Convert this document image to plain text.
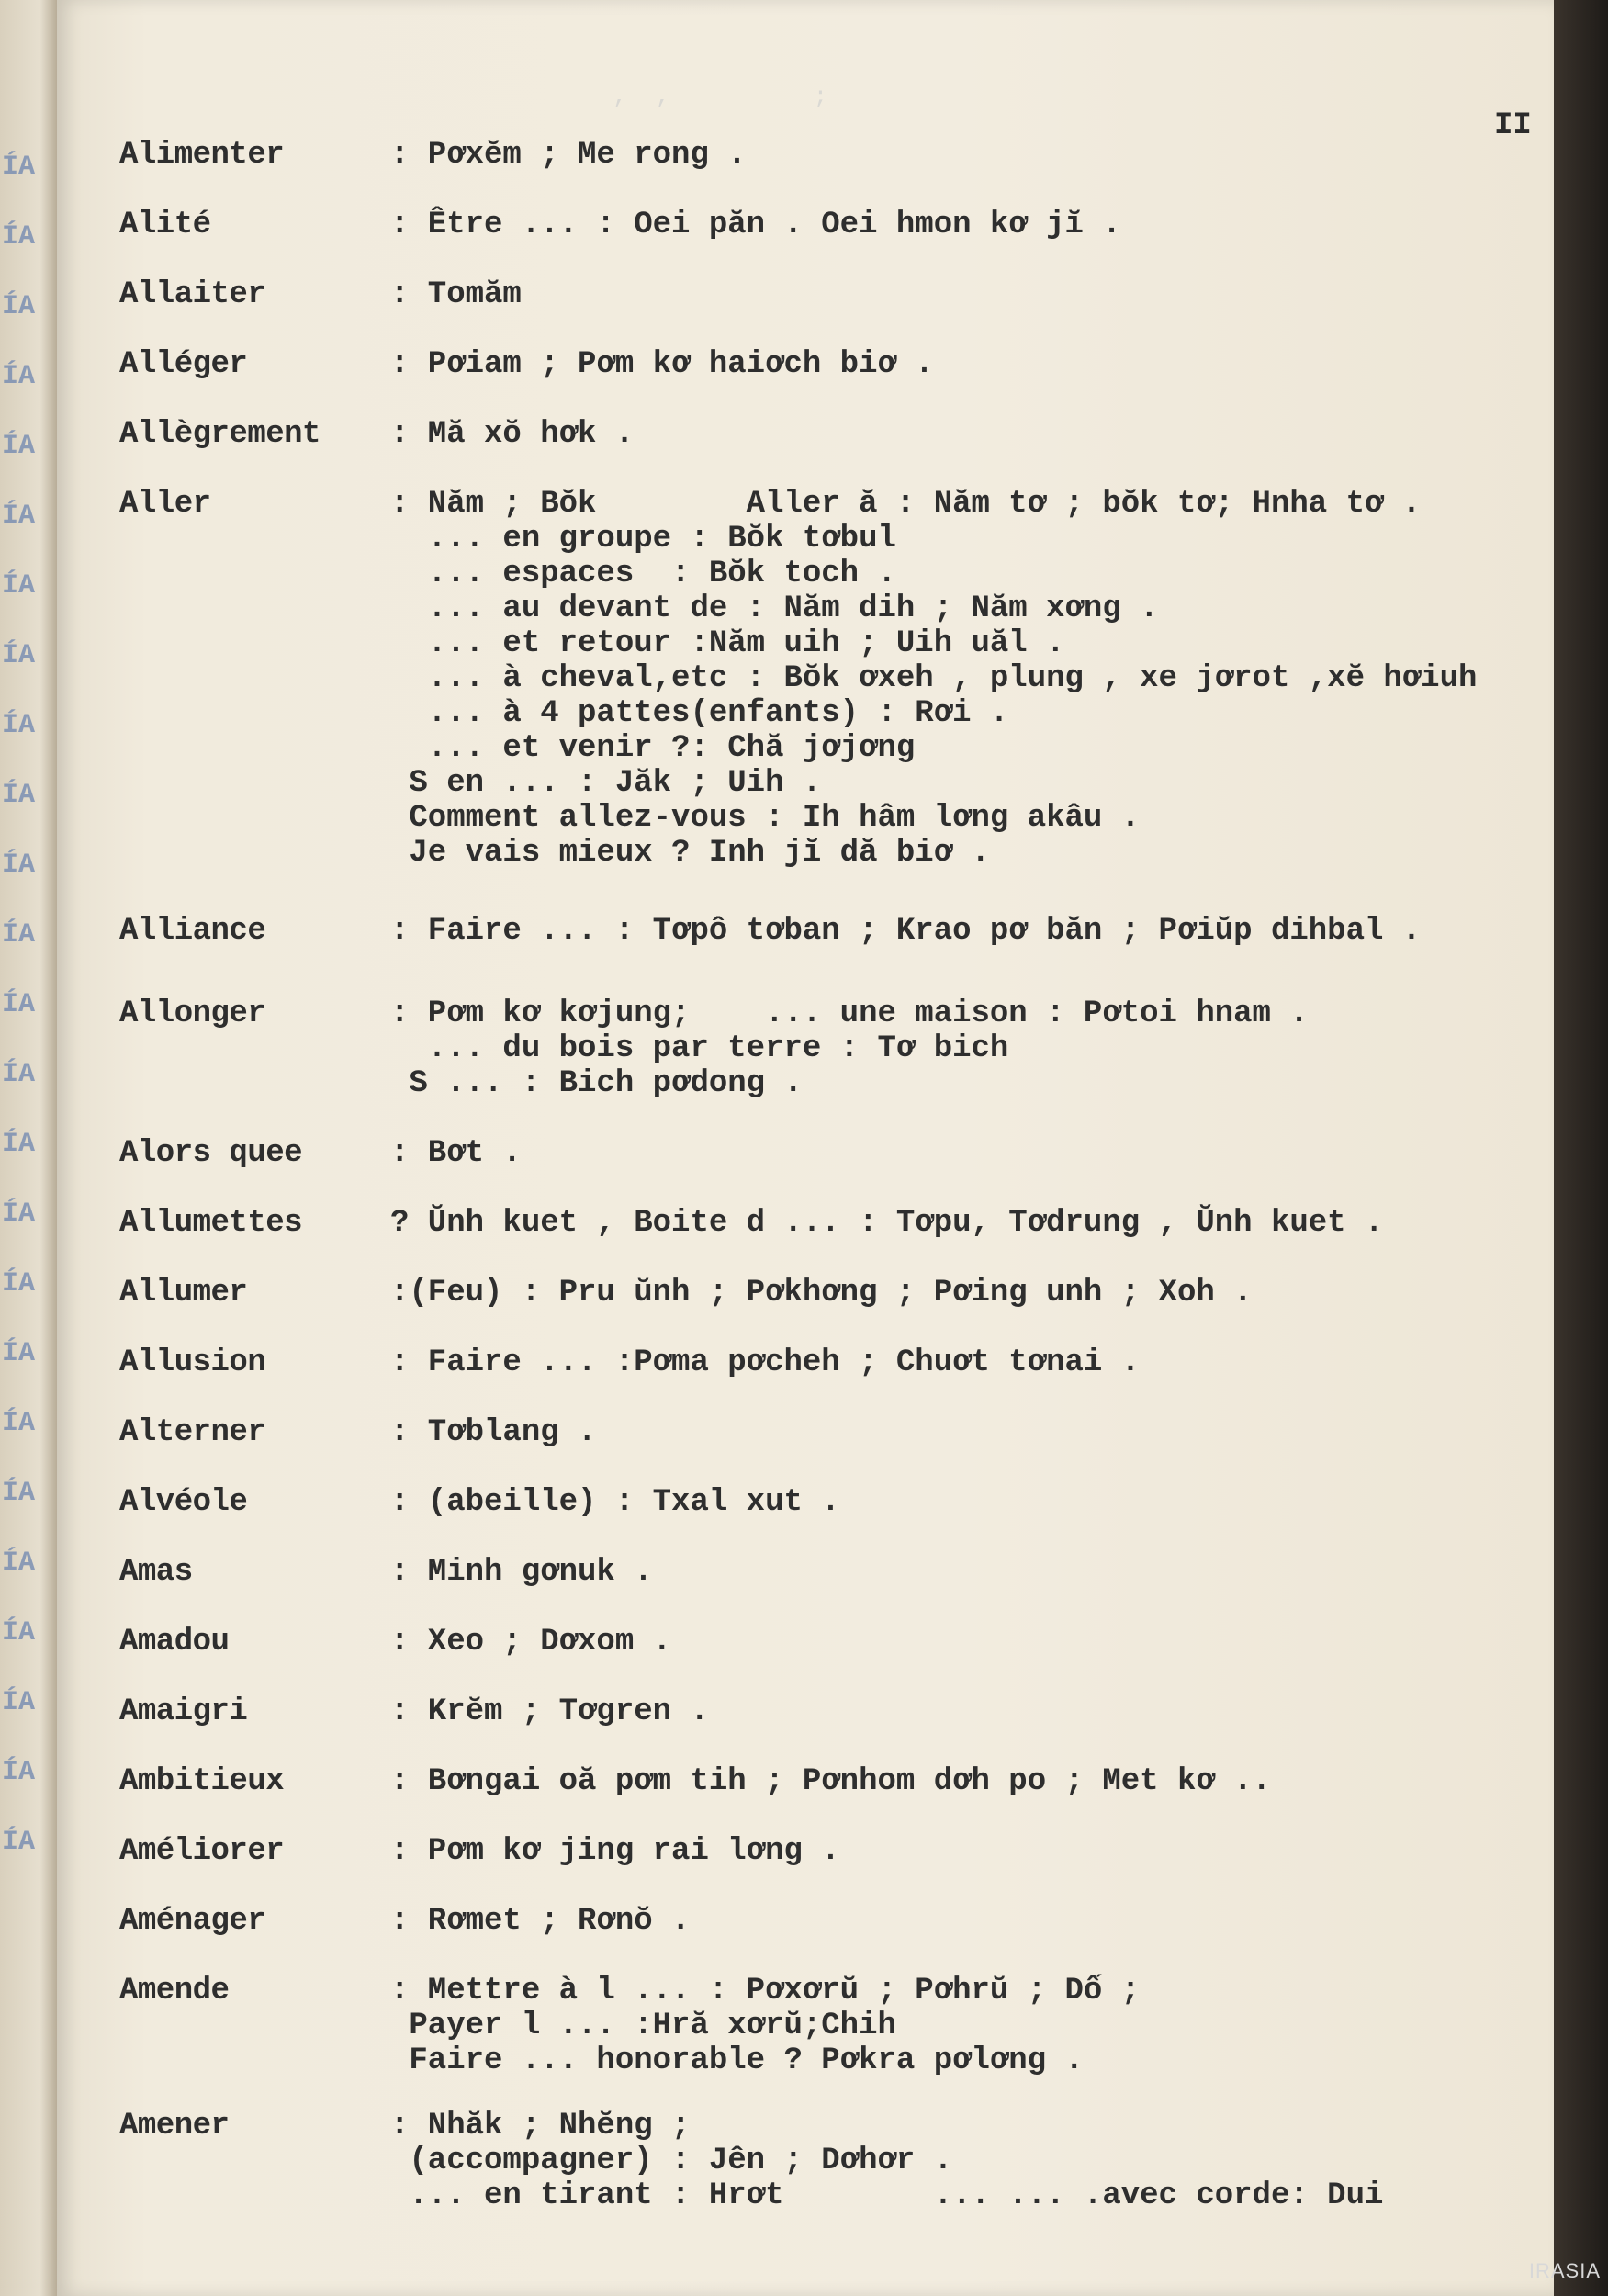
ÍA
ÍA
ÍA
ÍA
ÍA
ÍA
ÍA
ÍA
ÍA
ÍA
ÍA
ÍA
ÍA
ÍA
ÍA
ÍA
ÍA
ÍA
ÍA
ÍA
ÍA
ÍA
ÍA
ÍA
ÍA
,  ,          ;
II
Alimenter	: Pơxĕm ; Me rong .
Alité	: Être ... : Oei păn . Oei hmon kơ jĭ .
Allaiter	: Tomăm
Alléger	: Pơiam ; Pơm kơ haiơch biơ .
Allègrement : Mă xŏ hơk .
Aller	: Năm ; Bŏk        Aller ă : Năm tơ ; bŏk tơ; Hnha tơ .
... en groupe : Bŏk tơbul
... espaces  : Bŏk toch .
... au devant de : Năm dih ; Năm xơng .
... et retour :Năm uih ; Uih uăl .
... à cheval,etc : Bŏk ơxeh , plung , xe jơrot ,xĕ hơiuh
... à 4 pattes(enfants) : Rơi .
... et venir ?: Chă jơjơng
S en ... : Jăk ; Uih .
Comment allez-vous : Ih hâm lơng akâu .
Je vais mieux ? Inh jĭ dă biơ .
Alliance	: Faire ... : Tơpô tơban ; Krao pơ băn ; Pơiŭp dihbal .
Allonger	: Pơm kơ kơjung;    ... une maison : Pơtoi hnam .
... du bois par terre : Tơ bich
S ... : Bich pơdong .
Alors quee	: Bơt .
Allumettes	? Ŭnh kuet , Boite d ... : Tơpu, Tơdrung , Ŭnh kuet .
Allumer	:(Feu) : Pru ŭnh ; Pơkhơng ; Pơing unh ; Xoh .
Allusion	: Faire ... :Pơma pơcheh ; Chuơt tơnai .
Alterner	: Tơblang .
Alvéole	: (abeille) : Txal xut .
Amas	: Minh gơnuk .
Amadou	: Xeo ; Dơxom .
Amaigri	: Krĕm ; Tơgren .
Ambitieux	: Bơngai oă pơm tih ; Pơnhom dơh po ; Met kơ ..
Améliorer	: Pơm kơ jing rai lơng .
Aménager	: Rơmet ; Rơnŏ .
Amende	: Mettre à l ... : Pơxơrŭ ; Pơhrŭ ; Dố ;
Payer l ... :Hră xơrŭ;Chih
Faire ... honorable ? Pơkra pơlơng .
Amener	: Nhăk ; Nhĕng ;
(accompagner) : Jên ; Dơhơr .
... en tirant : Hrơt        ... ... .avec corde: Dui
IRASIA
